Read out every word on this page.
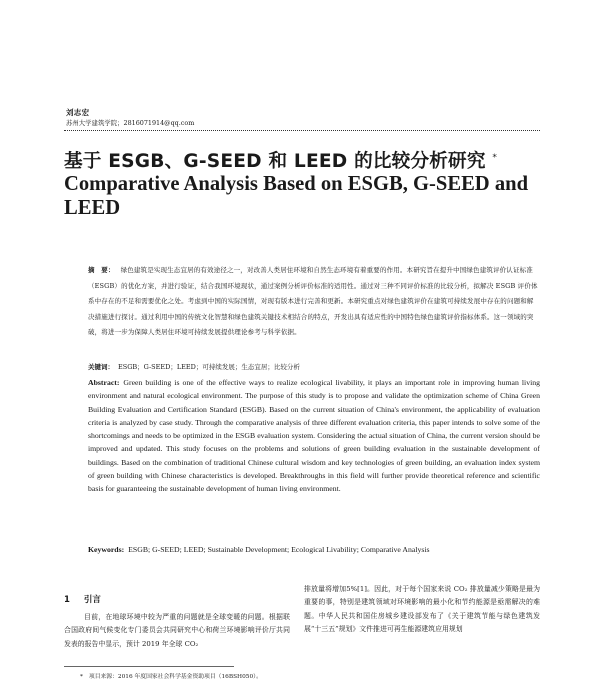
刘志宏
苏州大学建筑学院；2816071914@qq.com
基于 ESGB、G-SEED 和 LEED 的比较分析研究 *
Comparative Analysis Based on ESGB, G-SEED and LEED
摘　要： 绿色建筑是实现生态宜居的有效途径之一，对改善人类居住环境和自然生态环境有着重要的作用。本研究旨在提升中国绿色建筑评价认证标准（ESGB）的优化方案，并进行验证，结合我国环境现状，通过案例分析评价标准的适用性。通过对三种不同评价标准的比较分析，拟解决 ESGB 评价体系中存在的不足和需要优化之处。考虑到中国的实际国情，对现有版本进行完善和更新。本研究重点对绿色建筑评价在建筑可持续发展中存在的问题和解决措施进行探讨。通过利用中国的传统文化智慧和绿色建筑关键技术相结合的特点，开发出具有适应性的中国特色绿色建筑评价指标体系。这一领域的突破，将进一步为保障人类居住环境可持续发展提供理论参考与科学依据。
关键词： ESGB；G-SEED；LEED；可持续发展；生态宜居；比较分析
Abstract: Green building is one of the effective ways to realize ecological livability, it plays an important role in improving human living environment and natural ecological environment. The purpose of this study is to propose and validate the optimization scheme of China Green Building Evaluation and Certification Standard (ESGB). Based on the current situation of China's environment, the applicability of evaluation criteria is analyzed by case study. Through the comparative analysis of three different evaluation criteria, this paper intends to solve some of the shortcomings and needs to be optimized in the ESGB evaluation system. Considering the actual situation of China, the current version should be improved and updated. This study focuses on the problems and solutions of green building evaluation in the sustainable development of buildings. Based on the combination of traditional Chinese cultural wisdom and key technologies of green building, an evaluation index system of green building with Chinese characteristics is developed. Breakthroughs in this field will further provide theoretical reference and scientific basis for guaranteeing the sustainable development of human living environment.
Keywords: ESGB; G-SEED; LEED; Sustainable Development; Ecological Livability; Comparative Analysis
1 引言
目前，在地球环境中较为严重的问题就是全球变暖的问题。根据联合国政府间气候变化专门委员会共同研究中心和荷兰环境影响评价厅共同发表的报告中显示，预计 2019 年全球 CO₂
排放量将增加5%[1]。因此，对于每个国家来说 CO₂ 排放量减少策略是最为重要的事，特别是建筑领域对环境影响的最小化和节约能源是亟需解决的难题。中华人民共和国住房城乡建设部发布了《关于建筑节能与绿色建筑发展“十三五”规划》文件推进可再生能源建筑应用规划
* 项目来源：2016 年度国家社会科学基金资助项目（16BSH050）。
